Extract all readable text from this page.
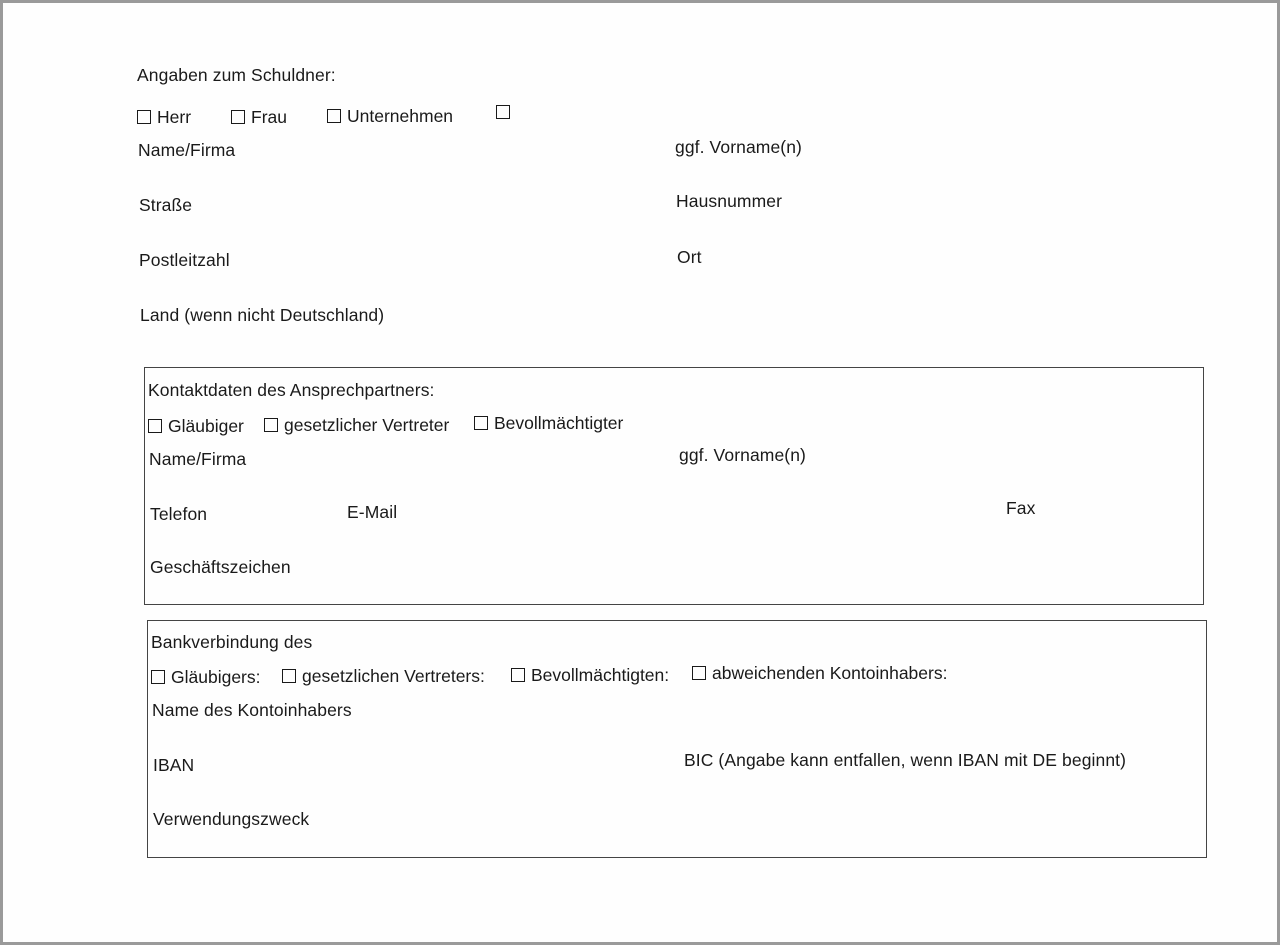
Angaben zum Schuldner:
Herr	Frau	Unternehmen
Name/Firma	ggf. Vorname(n)
Straße	Hausnummer
Postleitzahl	Ort
Land (wenn nicht Deutschland)
Kontaktdaten des Ansprechpartners:
Gläubiger gesetzlicher Vertreter	Bevollmächtigter
Name/Firma	ggf. Vorname(n)
Telefon	E-Mail	Fax
Geschäftszeichen
Bankverbindung des
Gläubigers: gesetzlichen Vertreters:	Bevollmächtigten: abweichenden Kontoinhabers:
Name des Kontoinhabers
IBAN	BIC (Angabe kann entfallen, wenn IBAN mit DE beginnt)
Verwendungszweck
